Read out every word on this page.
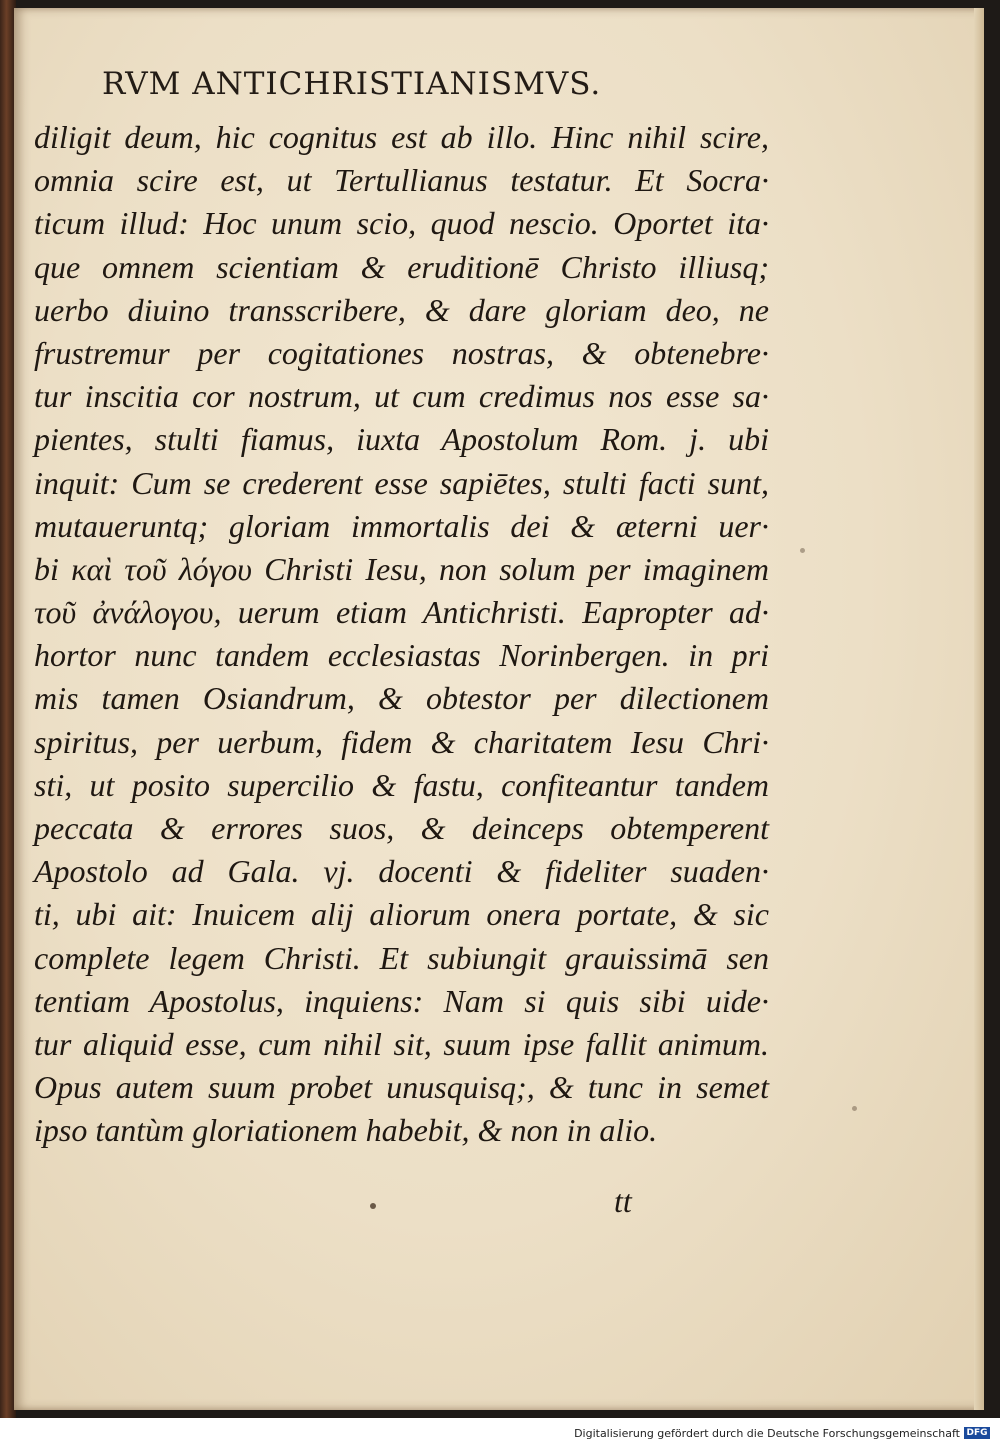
RVM ANTICHRISTIANISMVS.
diligit deum, hic cognitus est ab illo. Hinc nihil scire,
omnia scire est, ut Tertullianus testatur. Et Socra·
ticum illud: Hoc unum scio, quod nescio. Oportet ita·
que omnem scientiam & eruditionē Christo illiusq;
uerbo diuino transscribere, & dare gloriam deo, ne
frustremur per cogitationes nostras, & obtenebre·
tur inscitia cor nostrum, ut cum credimus nos esse sa·
pientes, stulti fiamus, iuxta Apostolum Rom. j. ubi
inquit: Cum se crederent esse sapiētes, stulti facti sunt,
mutaueruntq; gloriam immortalis dei & æterni uer·
bi καὶ τοῦ λόγου Christi Iesu, non solum per imaginem
τοῦ ἀνάλογου, uerum etiam Antichristi. Eapropter ad·
hortor nunc tandem ecclesiastas Norinbergen. in pri
mis tamen Osiandrum, & obtestor per dilectionem
spiritus, per uerbum, fidem & charitatem Iesu Chri·
sti, ut posito supercilio & fastu, confiteantur tandem
peccata & errores suos, & deinceps obtemperent
Apostolo ad Gala. vj. docenti & fideliter suaden·
ti, ubi ait: Inuicem alij aliorum onera portate, & sic
complete legem Christi. Et subiungit grauissimā sen
tentiam Apostolus, inquiens: Nam si quis sibi uide·
tur aliquid esse, cum nihil sit, suum ipse fallit animum.
Opus autem suum probet unusquisq;, & tunc in semet
ipso tantùm gloriationem habebit, & non in alio.
tt
Digitalisierung gefördert durch die Deutsche Forschungsgemeinschaft DFG
